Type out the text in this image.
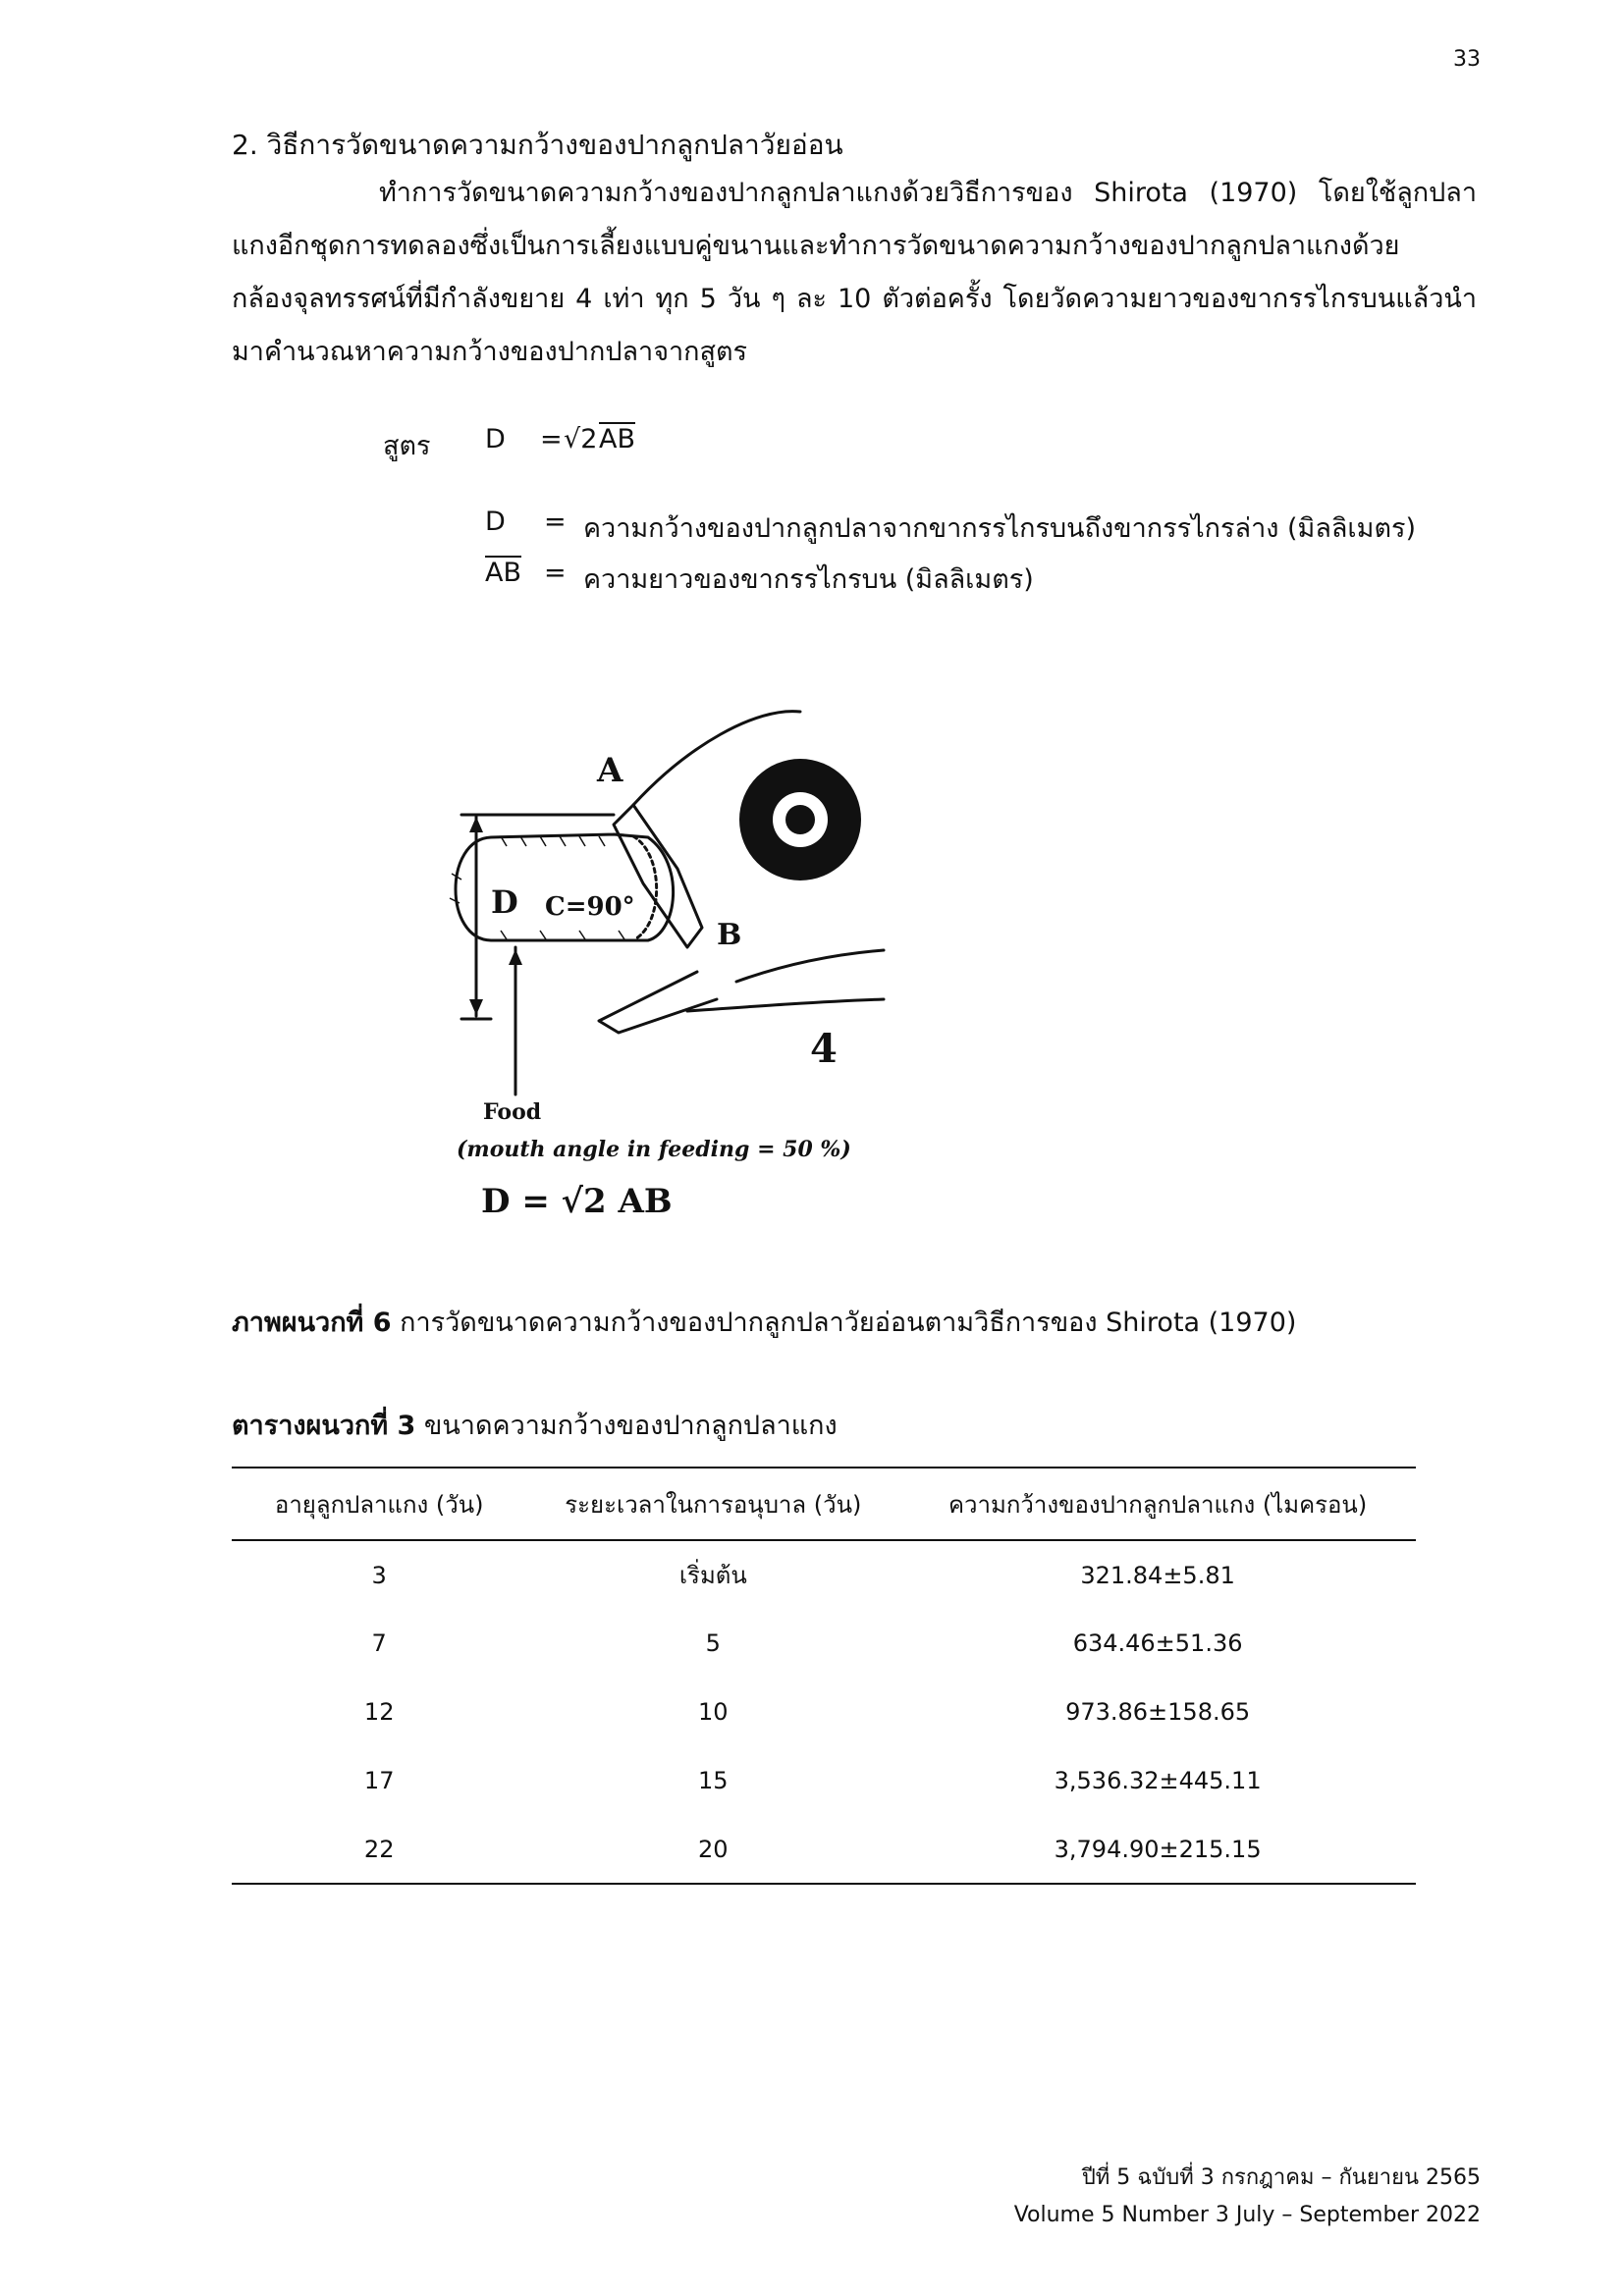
33
2. วิธีการวัดขนาดความกว้างของปากลูกปลาวัยอ่อน

ทำการวัดขนาดความกว้างของปากลูกปลาแกงด้วยวิธีการของ Shirota (1970) โดยใช้ลูกปลาแกงอีกชุดการทดลองซึ่งเป็นการเลี้ยงแบบคู่ขนานและทำการวัดขนาดความกว้างของปากลูกปลาแกงด้วยกล้องจุลทรรศน์ที่มีกำลังขยาย 4 เท่า ทุก 5 วัน ๆ ละ 10 ตัวต่อครั้ง โดยวัดความยาวของขากรรไกรบนแล้วนำมาคำนวณหาความกว้างของปากปลาจากสูตร

สูตร D = √2 $\overline{AB}$
D = ความกว้างของปากลูกปลาจากขากรรไกรบนถึงขากรรไกรล่าง (มิลลิเมตร)
$\overline{AB}$ = ความยาวของขากรรไกรบน (มิลลิเมตร)
A
B
D C=90°
4
Food
(mouth angle in feeding = 50 %)
D = √2 AB
ภาพผนวกที่ 6 การวัดขนาดความกว้างของปากลูกปลาวัยอ่อนตามวิธีการของ Shirota (1970)
ตารางผนวกที่ 3 ขนาดความกว้างของปากลูกปลาแกง
อายุลูกปลาแกง (วัน)	ระยะเวลาในการอนุบาล (วัน)	ความกว้างของปากลูกปลาแกง (ไมครอน)
3	เริ่มต้น	321.84±5.81
7	5	634.46±51.36
12	10	973.86±158.65
17	15	3,536.32±445.11
22	20	3,794.90±215.15
ปีที่ 5 ฉบับที่ 3 กรกฎาคม – กันยายน 2565
Volume 5 Number 3 July – September 2022
